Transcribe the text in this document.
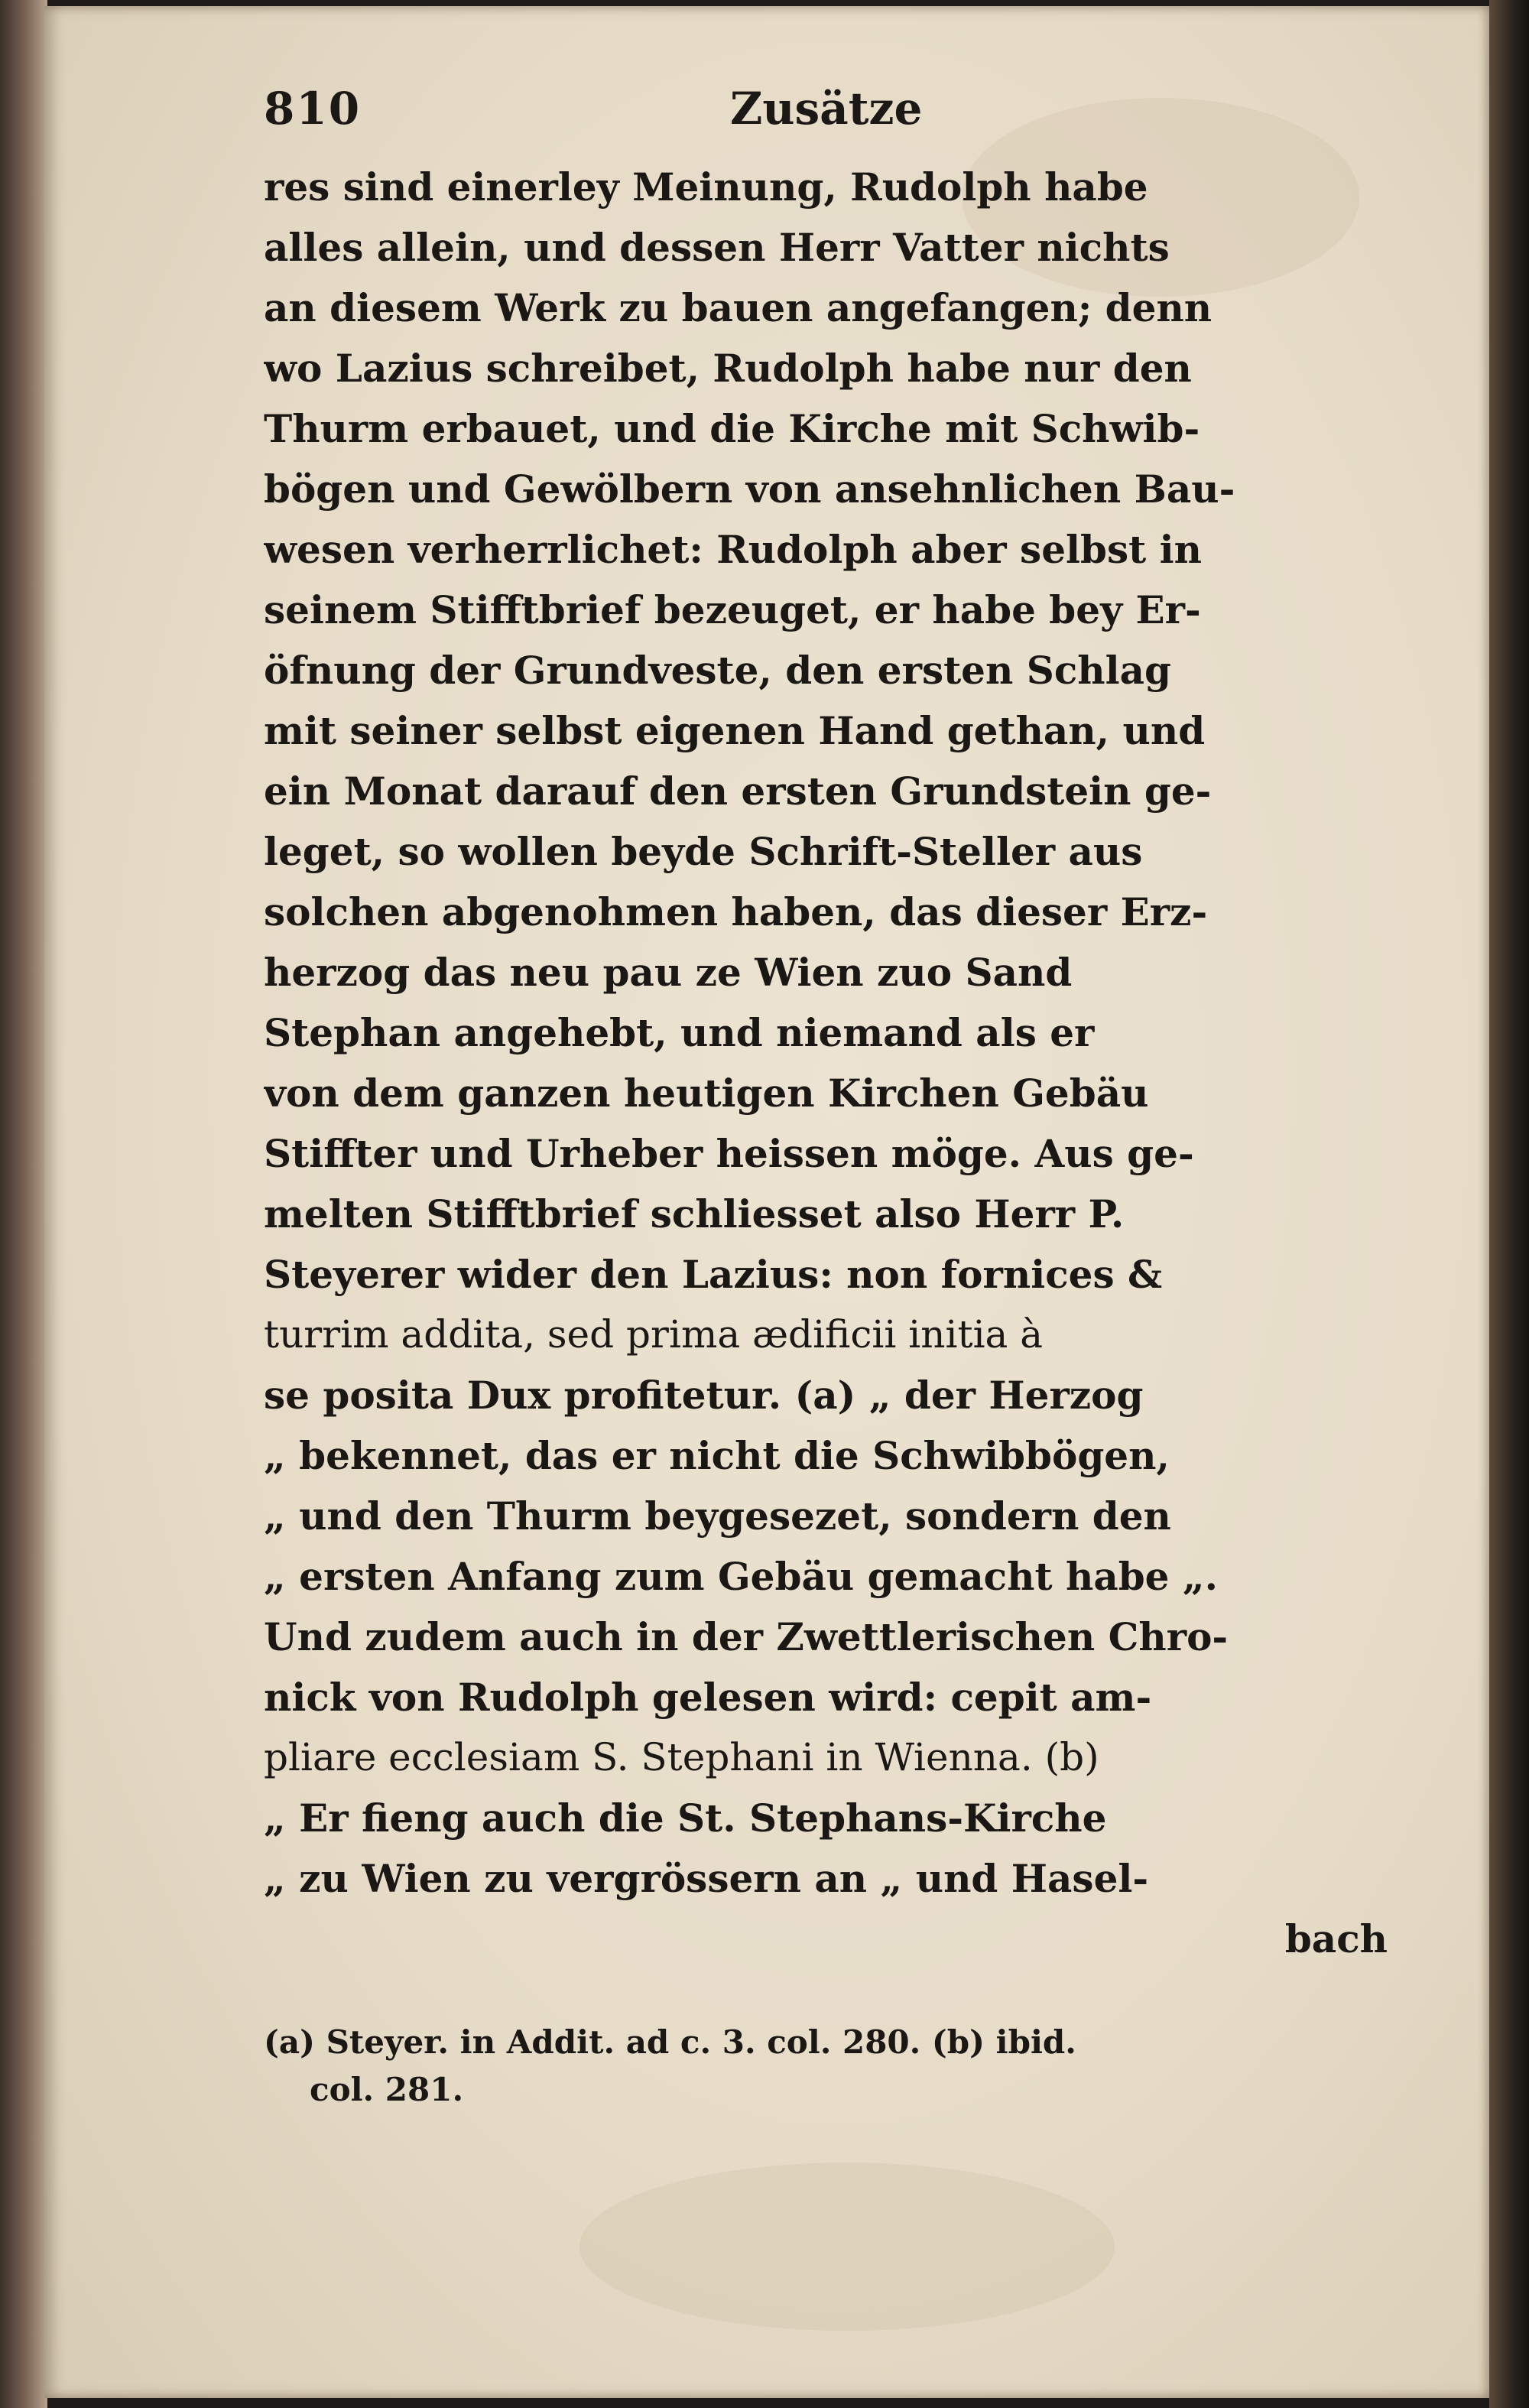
810	Zusätze
res sind einerley Meinung, Rudolph habe
alles allein, und dessen Herr Vatter nichts
an diesem Werk zu bauen angefangen; denn
wo Lazius schreibet, Rudolph habe nur den
Thurm erbauet, und die Kirche mit Schwib-
bögen und Gewölbern von ansehnlichen Bau-
wesen verherrlichet: Rudolph aber selbst in
seinem Stifftbrief bezeuget, er habe bey Er-
öfnung der Grundveste, den ersten Schlag
mit seiner selbst eigenen Hand gethan, und
ein Monat darauf den ersten Grundstein ge-
leget, so wollen beyde Schrift-Steller aus
solchen abgenohmen haben, das dieser Erz-
herzog das neu pau ze Wien zuo Sand
Stephan angehebt, und niemand als er
von dem ganzen heutigen Kirchen Gebäu
Stiffter und Urheber heissen möge. Aus ge-
melten Stifftbrief schliesset also Herr P.
Steyerer wider den Lazius: non fornices &
turrim addita, sed prima ædificii initia à
se posita Dux profitetur. (a) „ der Herzog
„ bekennet, das er nicht die Schwibbögen,
„ und den Thurm beygesezet, sondern den
„ ersten Anfang zum Gebäu gemacht habe „.
Und zudem auch in der Zwettlerischen Chro-
nick von Rudolph gelesen wird: cepit am-
pliare ecclesiam S. Stephani in Wienna. (b)
„ Er fieng auch die St. Stephans-Kirche
„ zu Wien zu vergrössern an „ und Hasel-
bach
(a) Steyer. in Addit. ad c. 3. col. 280. (b) ibid.
col. 281.
